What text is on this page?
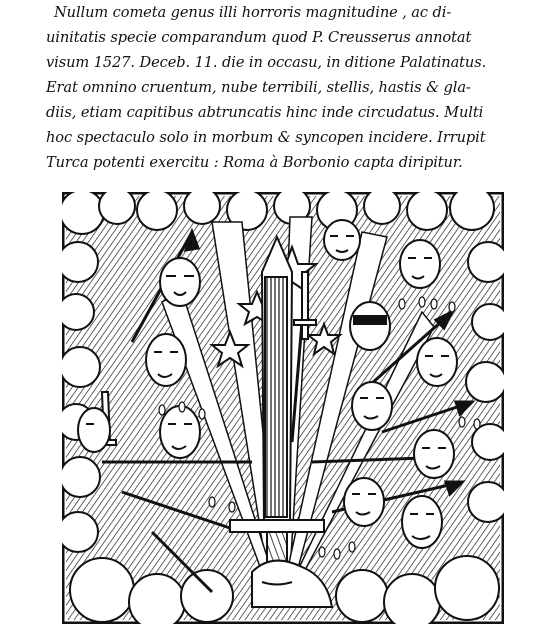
Nullum cometa genus illi horroris magnitudine , ac di-
uinitatis specie comparandum quod P. Creusserus annotat
visum 1527. Deceb. 11. die in occasu, in ditione Palatinatus.
Erat omnino cruentum, nube terribili, stellis, hastis & gla-
diis, etiam capitibus abtruncatis hinc inde circudatus. Multi
hoc spectaculo solo in morbum & syncopen incidere. Irrupit
Turca potenti exercitu : Roma à Borbonio capta diripitur.
